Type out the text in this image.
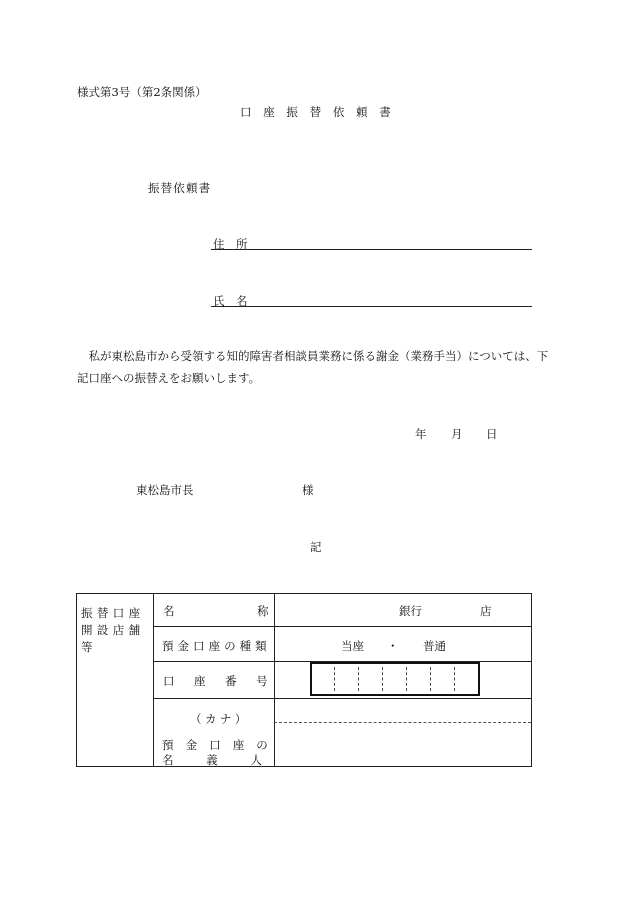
様式第3号（第2条関係）
口 座 振 替 依 頼 書
振替依頼書
住　所
氏　名
　私が東松島市から受領する知的障害者相談員業務に係る謝金（業務手当）については、下記口座への振替えをお願いします。
年 月 日
東松島市長	様
記
振替口座開設店舗等
名	称	銀行	店
預金口座の種類	当座 ・ 普通
口座番号
（カナ）
預金口座の
名義人
